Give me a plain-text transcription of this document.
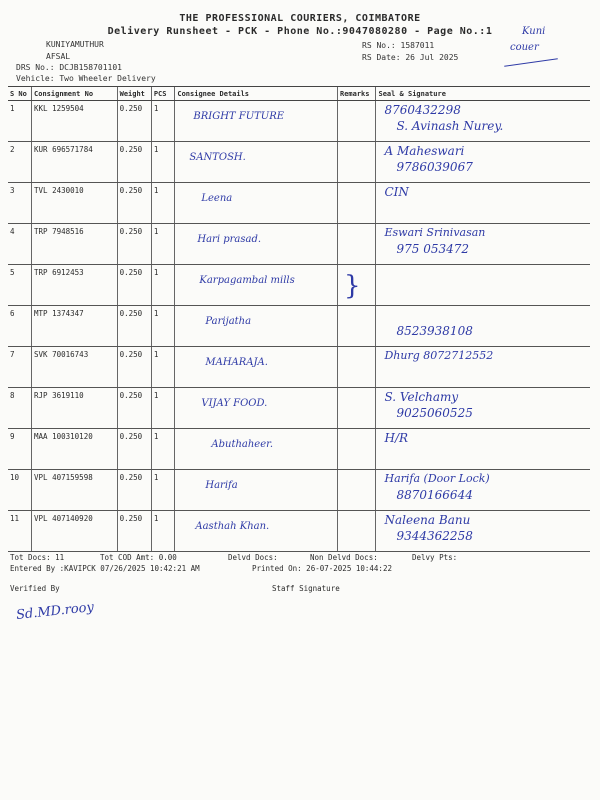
THE PROFESSIONAL COURIERS, COIMBATORE
Delivery Runsheet - PCK - Phone No.:9047080280 - Page No.:1
KUNIYAMUTHUR
AFSAL
DRS No.: DCJB158701101
Vehicle: Two Wheeler Delivery
RS No.: 1587011
RS Date: 26 Jul 2025
Kuni
couer
S No	Consignment No	Weight	PCS	Consignee Details	Remarks	Seal & Signature
1	KKL 1259504	0.250	1	BRIGHT FUTURE		8760432298
S. Avinash Nurey.

2	KUR 696571784	0.250	1	SANTOSH.		A Maheswari
9786039067

3	TVL 2430010	0.250	1	Leena		CIN

4	TRP 7948516	0.250	1	Hari prasad.		Eswari Srinivasan
975 053472

5	TRP 6912453	0.250	1	Karpagambal mills	}	

6	MTP 1374347	0.250	1	Parijatha		8523938108

7	SVK 70016743	0.250	1	MAHARAJA.		Dhurg 8072712552

8	RJP 3619110	0.250	1	VIJAY FOOD.		S. Velchamy
9025060525

9	MAA 100310120	0.250	1	Abuthaheer.		H/R

10	VPL 407159598	0.250	1	Harifa		Harifa (Door Lock)
8870166644

11	VPL 407140920	0.250	1	Aasthah Khan.		Naleena Banu
9344362258
Tot Docs: 11	Tot COD Amt: 0.00	Delvd Docs:	Non Delvd Docs:	Delvy Pts:
Entered By :KAVIPCK 07/26/2025 10:42:21 AM	Printed On: 26-07-2025 10:44:22
Verified By	Staff Signature
Sd.MD.rooy
